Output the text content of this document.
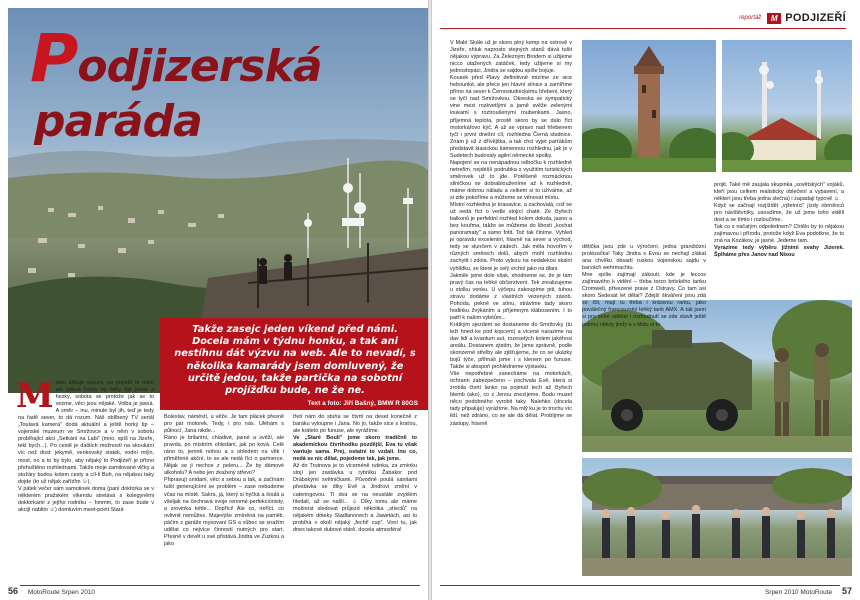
Podjizerská
paráda

Takže zasejc jeden víkend před námi. Docela mám v týdnu honku, a tak ani nestíhnu dát výzvu na web. Ale to nevadí, s několika kamarády jsem domluvený, že určitě jedou, takže partička na sobotní projížďku bude, ne že ne.

Text a foto: Jiří Bašný, BMW R 80GS

Meteo slibuje azzuro, po pravdě to mám ale pěkně fronty by měly být jasno a hezky, sobota se protože jak se to vezme, věci jsou nějaké. Volba je jasná. A směr – inu, minule byl jih, teď je tedy na řadě sever, to dá rozum. Náš oblíbený TV seriál „Toulavá kamera" dodá aktuální a ještě horký tip – vojenské muzeum ve Smržovce a v něm v sobotu probíhající akci „Setkání na Labi" (mno, spíš na Jizeře, tekl bych...). Po cestě je dalších možností na skoukání víc než dost: jekymě, venkovský statek, vodní mlýn, most, no a to by bylo, aby nějaký to Podjizeří je přímo přehuštěno rozhlednami. Takže moje zamilované vlčky a stožáry budou kolem cesty a cíl-li Buh, na nějakou taky dojde (to už nějak zaříd!m ☺).

V pátek večer sám samotinek doma (paní doktorka se v některém pražském víkendu stretává s kolegyněmi doktorkami z jejího rodníku – hmmm, to zase bude v akcijí nablito ☺) domluvím meet-point Stará

Boleslav, náměstí, u věže. Je tam plácek přesně pro pár motorek. Tedy, i pro nás. Uléhám s půlnocí, Jana nikde...

Ráno je brilantní, chladivé, jasné a svěží, ale pravda, po místním ohledání, jak po ková. Celé ráno to, jemně nohou a s ohledem na věk i přiměřené akční, to se ale nedá řící o partnerce. Nějak se ji nechce z peleru... Že by dámové alkoholu? A nebo jen zkažený střevo?

Připravují snídani, věci s sebou a tak, a začínám tušit generujícími se problém – zase nebudeme včas na místě. Sakra, já, který si hýčká a šoulá a všeljak na čechravá svoje renomé perfekcionisty, a zrovinka tohle... Dopříci! Ale co, neříct, co ovlivnit nemůžes. Majevýše zmíněná na paměti, páčim z garáže mysovaní GS a vůbec se snažím udělat co nejvíce činností nutných pro start. Přesně v devět u své přistává Jindra ve Zuzkou a jako

třetí nám do stuha se čtvrtí na deset konečně z baráku vyloupne i Jana. No jo, takže sice s kraťou, ale kráteto po funuse, ale vyrážíme.

Ve „Staré Bouli" jsme skoro tradičně to akademickou čtvrthodku pozdější, Eva tu však vantuje sama. Prej, ostatní to vzdali. Inu co, nedá se nic dělat, pojedeme tak, jak jsme.

Až do Trutnova je to víceméně rutinka, za zmínku stojí jen zastávka u rybníku Žabakor pod Drábskými světničkami. Původně poulá sanitami přestávka se díky Evě a Jindrovi změní v cateringovou. Ti dva se na neustále zvyklém hledali, až se našli... ☺ Díky tomu ale máme možnost sledovat průjezd několika „stíeclů" na nějakém doteky Stadlanonech a Jawetách, asi to probíhá v okolí nějaký „fecht! cup". Voní tu, jak dnes takové dubové stárě, docela atmosféra!

56 MotoRoute Srpen 2010
reportáž	M PODJIZEŘÍ

V Malé Skále už je skoro plný kemp na ostrově v Jizeře, shluk naprosto stejných stanů dává tušit nějakou výpravu. Za Železným Brodem si užijeme nicco utažených zatáček, tedy užijeme si my jednostopáci, Jindra se sajdou spíše bojuje.

Kousek před Plavy definitivně mizíme ze sice hebounké, ale přece jen hlavní silnice a zamíříme přímo na sever k Černostudnickému hřebeni, který se tyčí nad Smržovkou. Okreska se sympatický vine mezi rozkvetlými a jarně svěže zelenými loukami s roztroušenými roubenkami. Jasno, příjemná teplota, prostě skoro by se dalo říct motorkářovo kýč. A už se vpravo nad hřebenem tyčí i první dnešní cíl, rozhledna Černá studnice. Znám ji už z dřívějška, a tak chci vyjet parťákům představit klasickou kamennou rozhlednu, jak je v Sudetech budovaly agilní německé spolky.

Napojení se na nenápadnou odbočku k rozhledně netrefím, nejdéšíí podrubka s využitím turistických směrovek už to jde. Potěšeně rozmácknou silničkou se dobrablouženíme až k rozhledně, máme dobrou náladu a celkem si to užíváme, až si zde pokoříme a můžeme se věnovat místu.

Místní rozhledna je krasavice, a zachovalá, což se už nedá říct o vedle stojící chatě. Ze čtyřech balkonů je perfektní rozhled kolem dokola, jasno a bez kouřma, takže se můžeme do libosti „kochat panoramaty" a samo fotit. Tož tak činíme. Vyhled je opravdu excelentní, hlavně na sever a východ, tedy se slunčem v zádech. Jak měla hovořím v různých směrech dolů, abych mohl rozhlednu zachytit i zdola. Proto vylezu na nedalekou skalní vyhlídku, ze které je celý vrchol jako na dlani.

Jakmile jsme dole však, shodneme se, že je tam pravý čas na lehké občerstvení. Tek zrealizujeme u stolku venku. U výčepu zakoupíme piti, tuhou stravu dodáme z vlastních vezených zásob. Pohoda, pekně ve stínu, strávíme tady skoro hodinku žvýkáním a příjemným klábosením. I to patří k našim výletům...

Krátkým sjezdem se dostaneme do Smržovky (tu leží hned ke pod kopcem) a vícené narazime na dav lidí a kvantum aut, rozesetých kolem jakéhosi areálu. Dostanem zjistím, že jsme správně, podle skonzerné střelby ale zjišťujeme, že co se ukázky bojů týče, přihnali jsme i s klenem po funuse. Takže si alespoň prohlédneme výstavku.

Vše nepotřebné zanecháme na motorkách, ochrann zabezpečeno – pochvala Evě, která si zrobila čtvrtí lanko na pojmutí tech až čtyřech blemb (ako), co z Jenou znezíjeme. Budu muset něco podobného vyrobit taky. Nalehko (docela tady připaluje) vyrážíme. Na mlý ku je to trochu víc lidí, než zdráno, co se ale dá dělat. Probíjíme se zástupy, hlavně

dětička jsou zde u výročení, jedna grandiózní prolézačka! Taky Jindra s Evou se nechají zlákat ana chvílku obsadí ruskou vojenskou sajdu v barvách wehrmachtu.

Mne spíše zajímají zákouti, kde je leccos zajímavého k vidění – třeba torzo britského tanku Cromwell, přivezené prave z Ostravy. Co tam asi skoro Sedesát let dělal? Zdejší škváření jsou zdá se čili, mají tu třeba i krásivou raritu, jako poválečný francouzský lehký tank AMX. A tak jsem si pro sebe udělali i rozhodnutí se zde stavit ještě jednou někdy jindy a v klidu si to

projit. Také mě zaujala skupinka „sovětských" vojáků, kteří jsou celkem realisticky oblečení a vybavení, a některí jsou třeba jedna slečna) i zapadají typově ☺.

Když se začnají rozjíždět „výletníci" jízdy obrněnců pro návštěvníky, usoudíme, že už jsme toho viděli dost a se tímto i rozloučíme.

Tak co s načatým odpolednem? Chtělo by to nějakou zajímavou i přírodu, protože když Eva podotkne, že to zná na Kozákov, je jasné. Jedeme tam.

Vyrazíme tedy výběru jižními svahy Jizerek. Šplháme přes Janov nad Nisou

Srpen 2010 MotoRoute 57
